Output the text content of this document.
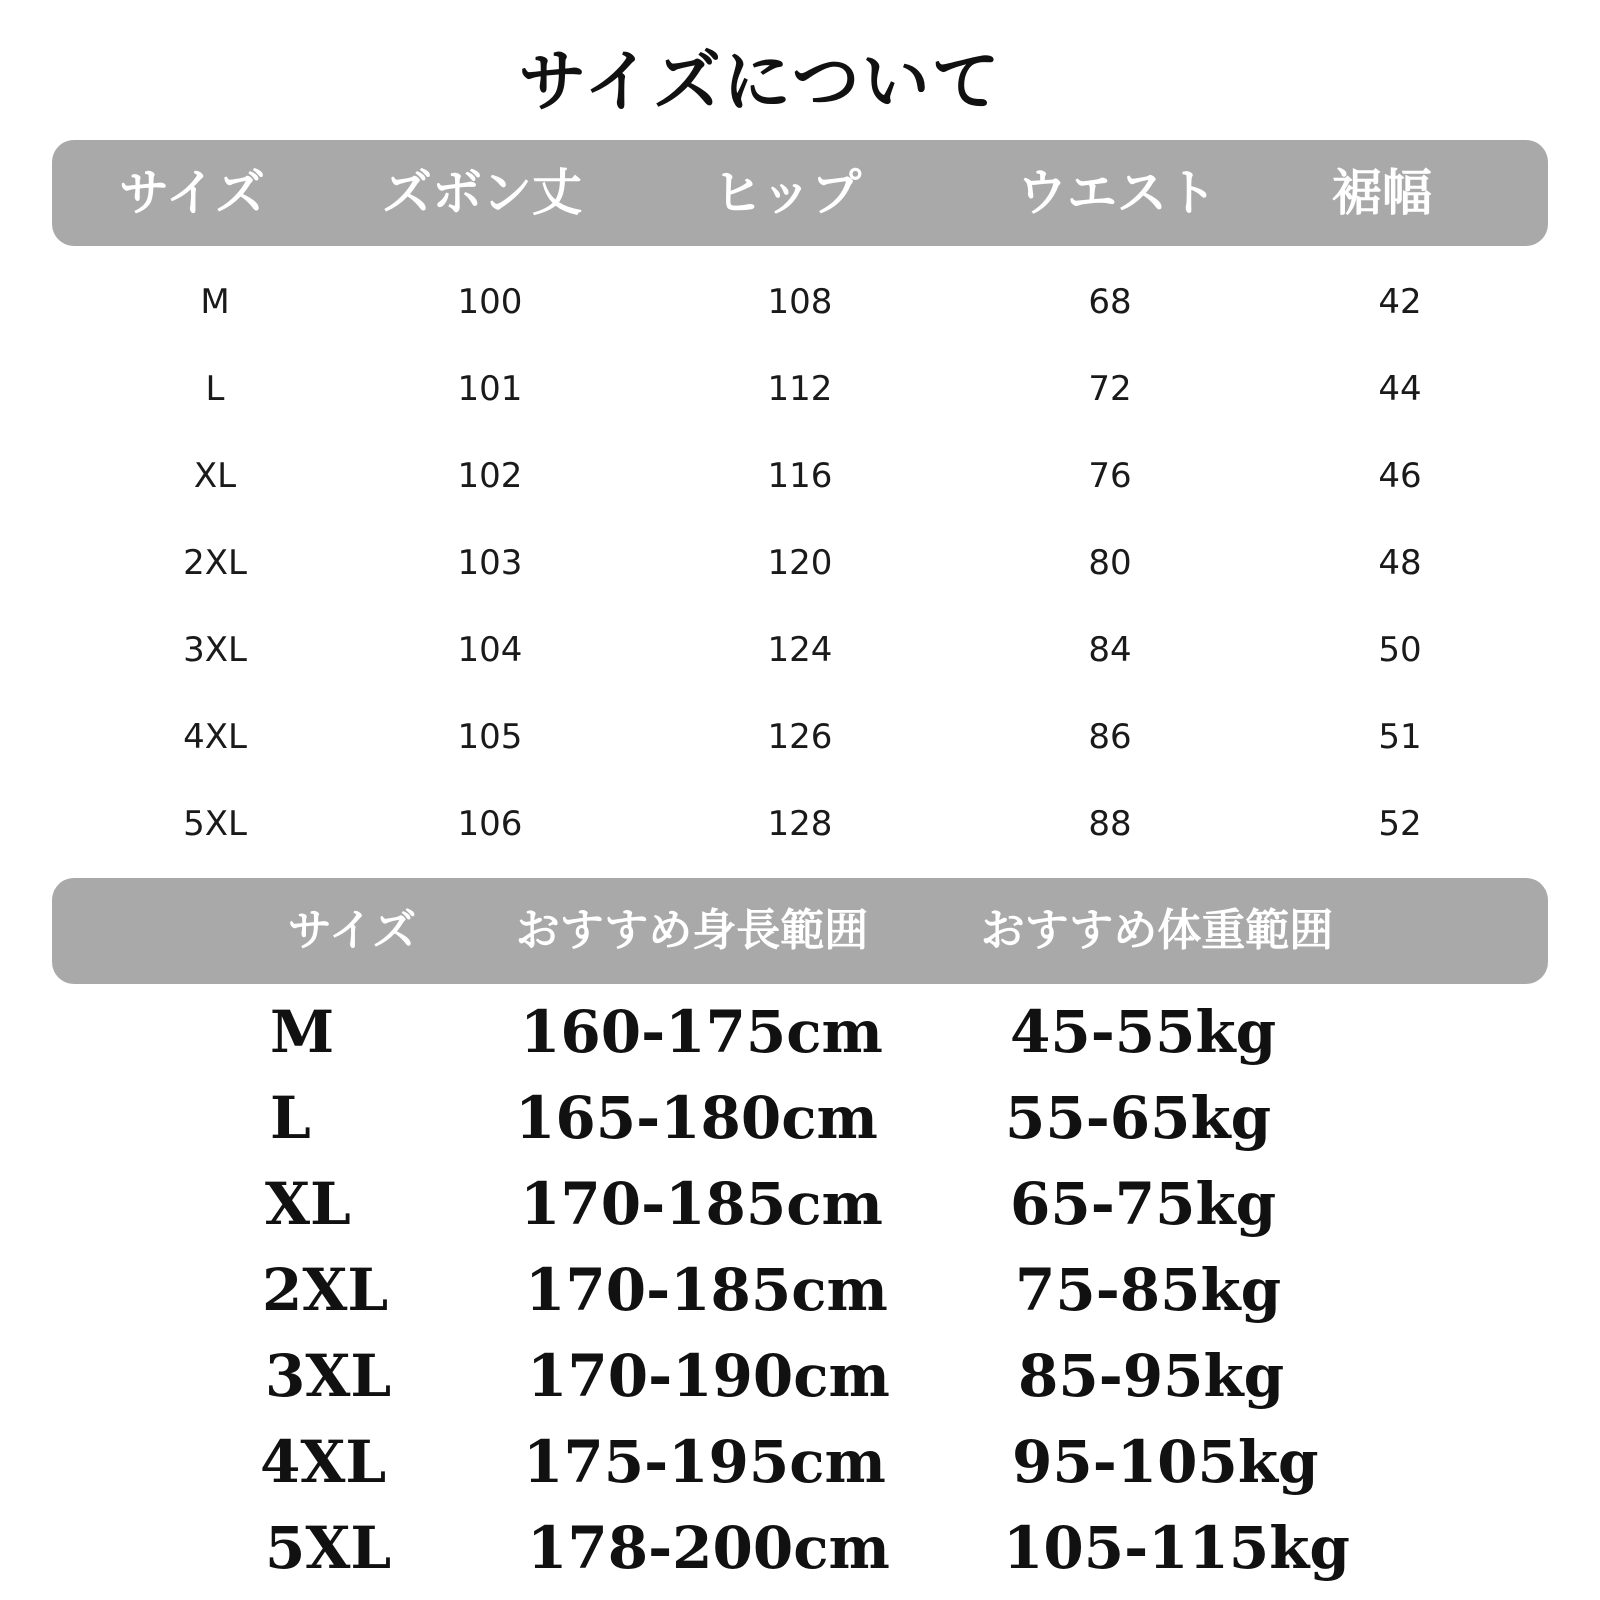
サイズについて
サイズ	ズボン丈	ヒップ	ウエスト	裾幅
M	100	108	68	42
L	101	112	72	44
XL	102	116	76	46
2XL	103	120	80	48
3XL	104	124	84	50
4XL	105	126	86	51
5XL	106	128	88	52
サイズ	おすすめ身長範囲	おすすめ体重範囲
M	160-175cm 45-55kg
L	165-180cm 55-65kg
XL	170-185cm 65-75kg
2XL 170-185cm 75-85kg
3XL 170-190cm 85-95kg
4XL 175-195cm 95-105kg
5XL 178-200cm 105-115kg
